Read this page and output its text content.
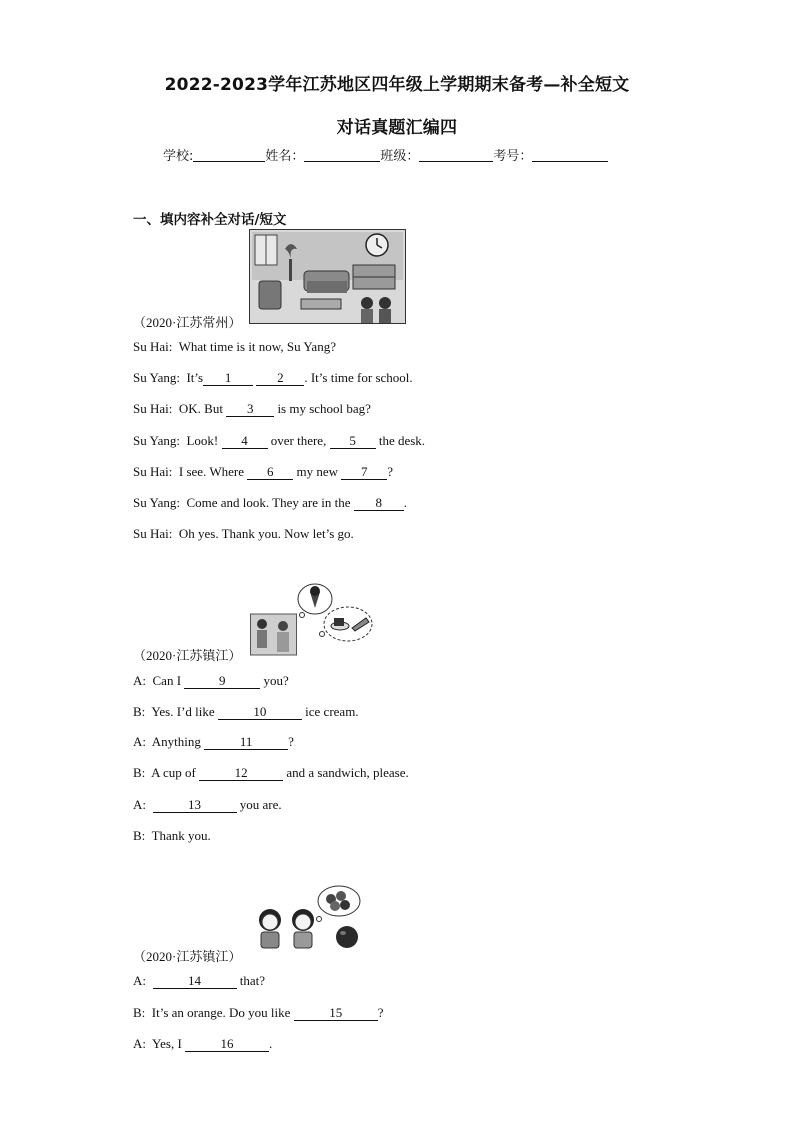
2022-2023学年江苏地区四年级上学期期末备考—补全短文
对话真题汇编四
学校:	姓名：	班级：	考号：
一、填内容补全对话/短文
（2020·江苏常州）
Su Hai: What time is it now, Su Yang?
Su Yang: It’s 1	2 . It’s time for school.
Su Hai: OK. But 3 is my school bag?
Su Yang: Look! 4 over there, 5 the desk.
Su Hai: I see. Where 6 my new 7 ?
Su Yang: Come and look. They are in the 8 .
Su Hai: Oh yes. Thank you. Now let’s go.
（2020·江苏镇江）
A: Can I	9	you?
B: Yes. I’d like	10	ice cream.
A: Anything	11	?
B: A cup of	12	and a sandwich, please.
A:	13	you are.
B: Thank you.
（2020·江苏镇江）
A:	14	that?
B: It’s an orange. Do you like	15	?
A: Yes, I	16	.
